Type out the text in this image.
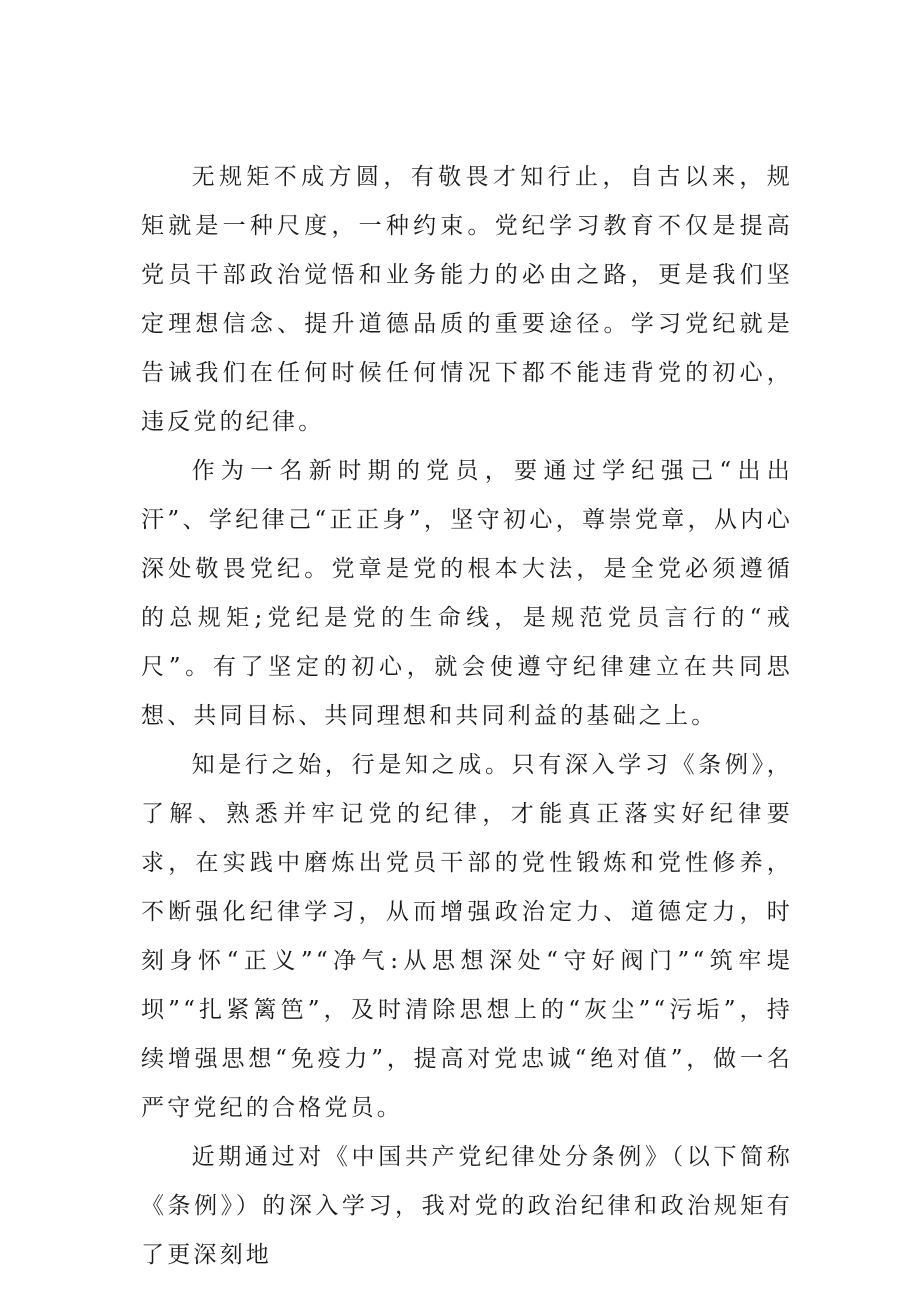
无规矩不成方圆，有敬畏才知行止，自古以来，规矩就是一种尺度，一种约束。党纪学习教育不仅是提高党员干部政治觉悟和业务能力的必由之路，更是我们坚定理想信念、提升道德品质的重要途径。学习党纪就是告诫我们在任何时候任何情况下都不能违背党的初心，违反党的纪律。

作为一名新时期的党员，要通过学纪强己“出出汗”、学纪律己“正正身”，坚守初心，尊崇党章，从内心深处敬畏党纪。党章是党的根本大法，是全党必须遵循的总规矩;党纪是党的生命线，是规范党员言行的“戒尺”。有了坚定的初心，就会使遵守纪律建立在共同思想、共同目标、共同理想和共同利益的基础之上。

知是行之始，行是知之成。只有深入学习《条例》，了解、熟悉并牢记党的纪律，才能真正落实好纪律要求，在实践中磨炼出党员干部的党性锻炼和党性修养，不断强化纪律学习，从而增强政治定力、道德定力，时刻身怀“正义”“净气:从思想深处“守好阀门”“筑牢堤坝”“扎紧篱笆”，及时清除思想上的“灰尘”“污垢”，持续增强思想“免疫力”，提高对党忠诚“绝对值”，做一名严守党纪的合格党员。

近期通过对《中国共产党纪律处分条例》（以下简称《条例》）的深入学习，我对党的政治纪律和政治规矩有了更深刻地
